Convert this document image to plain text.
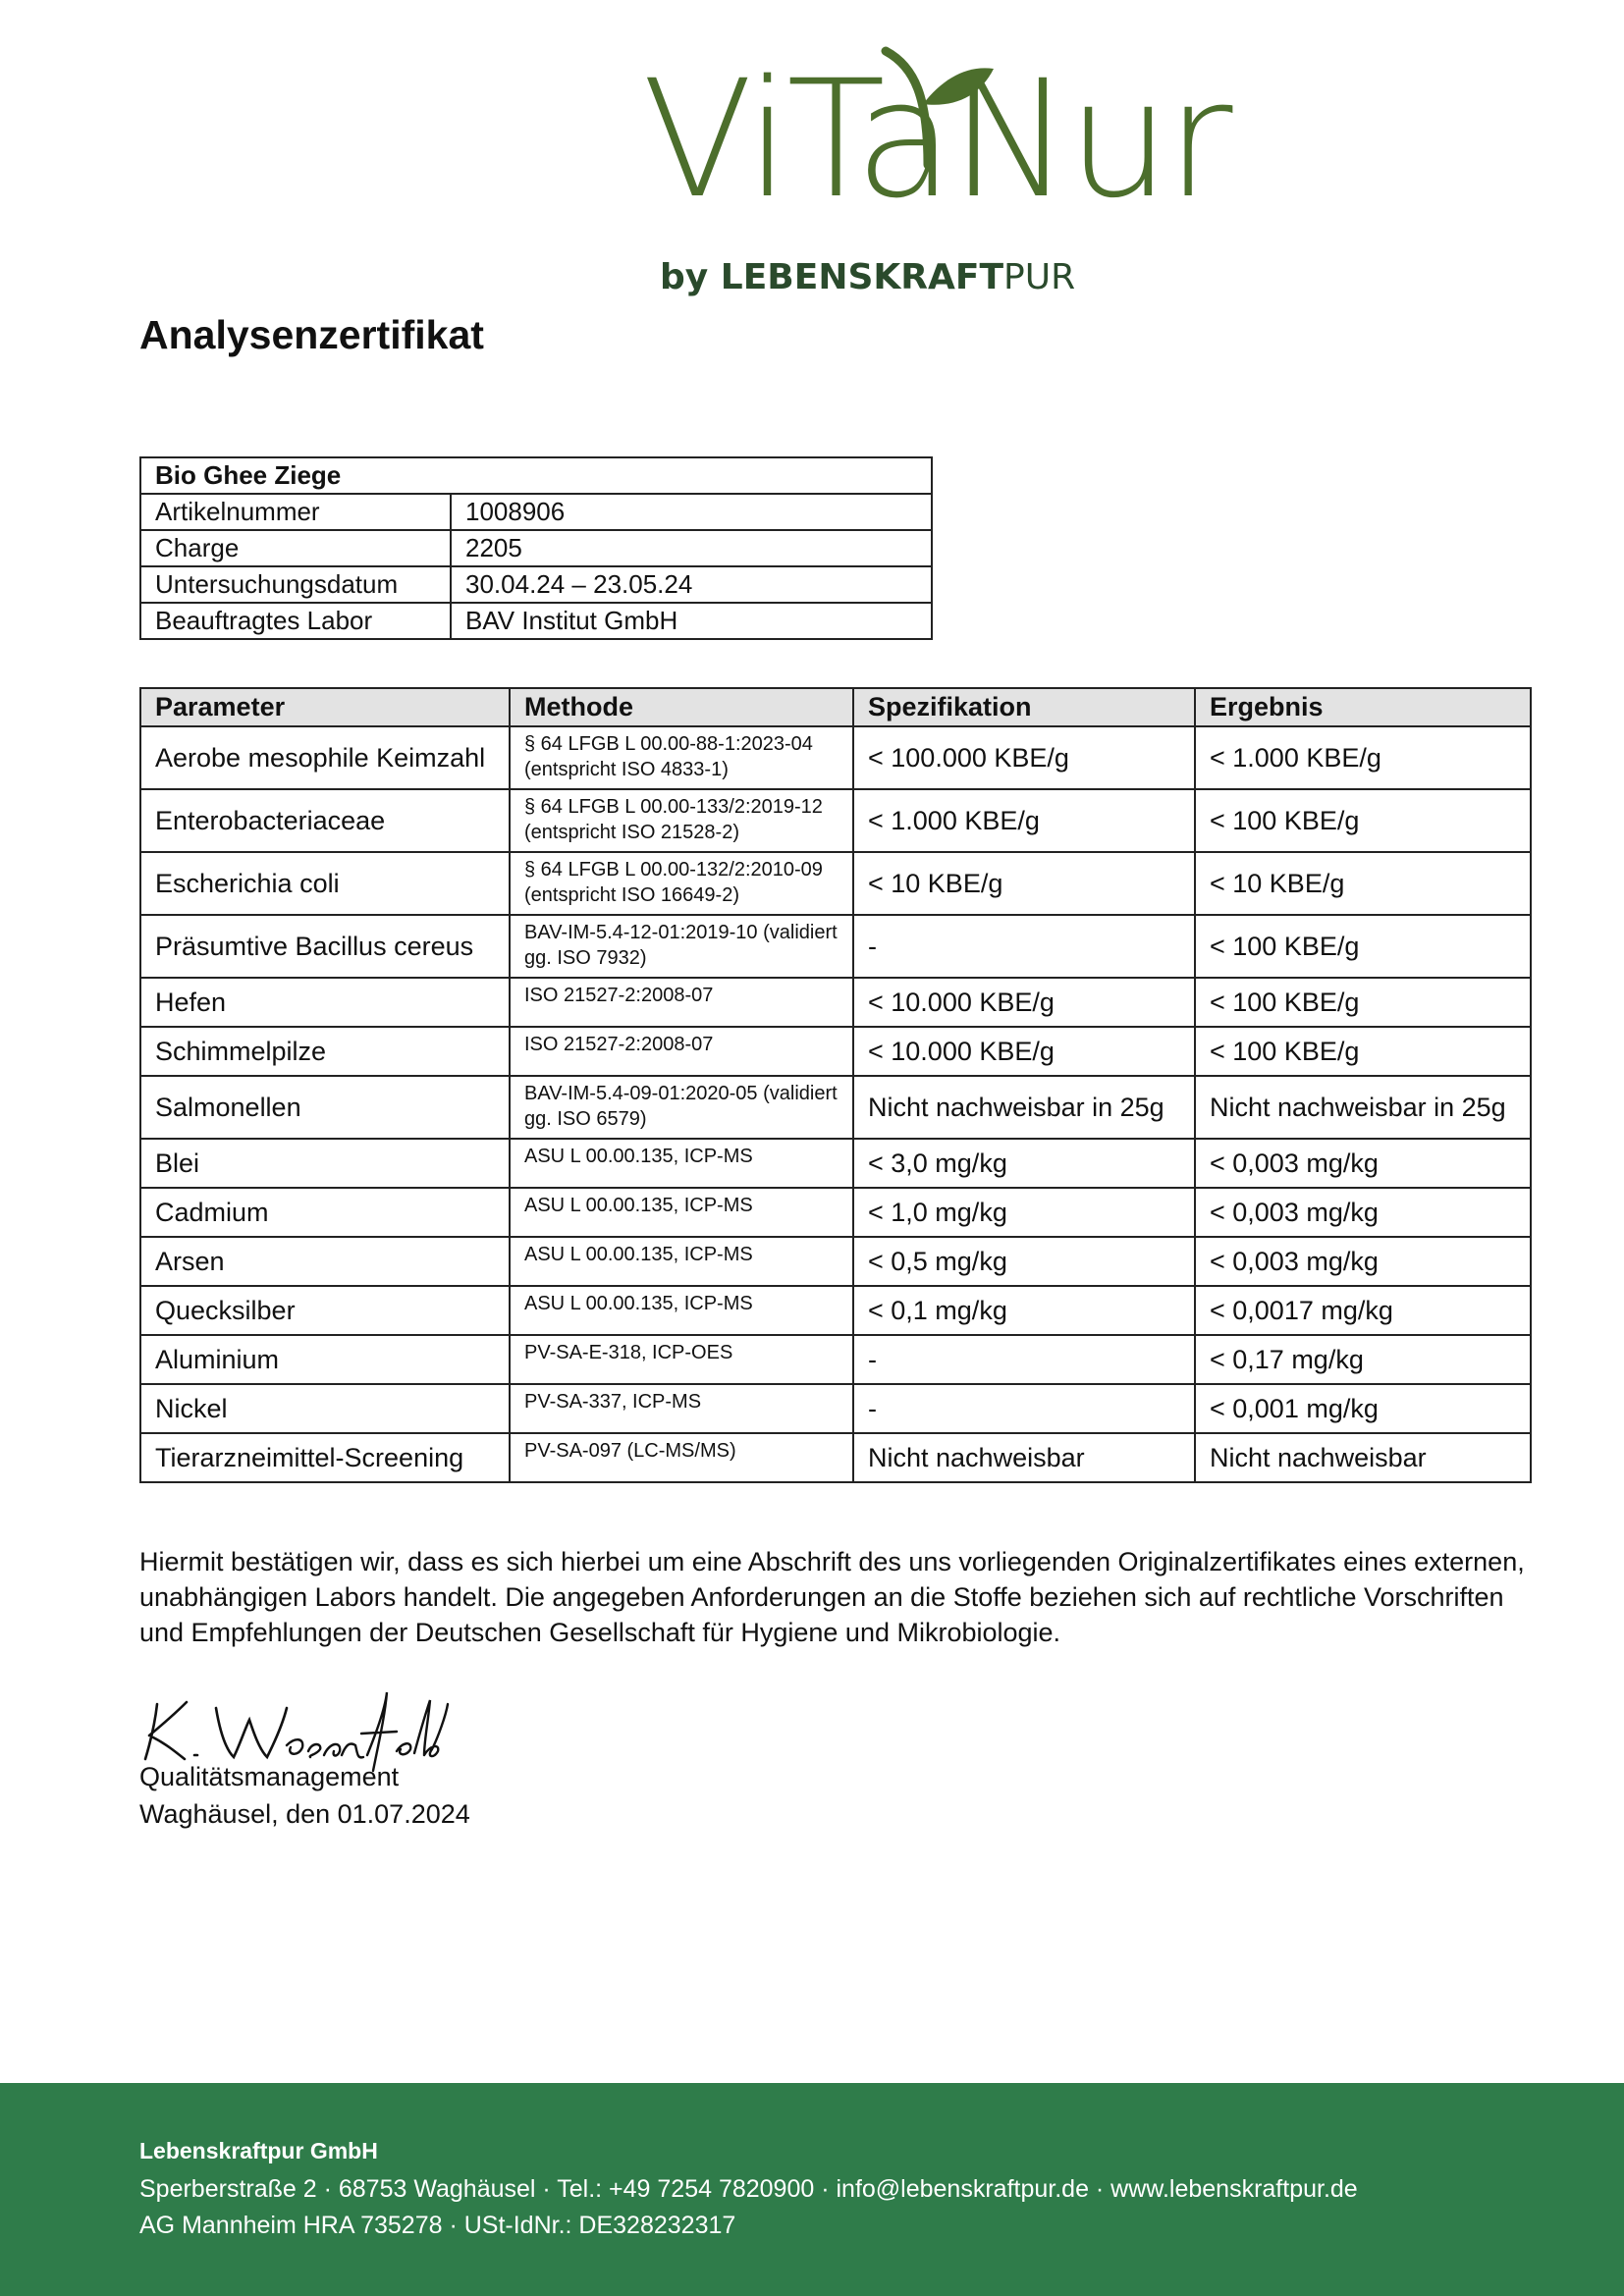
ViTaNur

by LEBENSKRAFTPUR

Analysenzertifikat
Bio Ghee Ziege	
Artikelnummer	1008906
Charge	2205
Untersuchungsdatum	30.04.24 – 23.05.24
Beauftragtes Labor	BAV Institut GmbH
Parameter	Methode	Spezifikation	Ergebnis
Aerobe mesophile Keimzahl	§ 64 LFGB L 00.00-88-1:2023-04 (entspricht ISO 4833-1)	< 100.000 KBE/g	< 1.000 KBE/g
Enterobacteriaceae	§ 64 LFGB L 00.00-133/2:2019-12 (entspricht ISO 21528-2)	< 1.000 KBE/g	< 100 KBE/g
Escherichia coli	§ 64 LFGB L 00.00-132/2:2010-09 (entspricht ISO 16649-2)	< 10 KBE/g	< 10 KBE/g
Präsumtive Bacillus cereus	BAV-IM-5.4-12-01:2019-10 (validiert gg. ISO 7932)	-	< 100 KBE/g
Hefen	ISO 21527-2:2008-07	< 10.000 KBE/g	< 100 KBE/g
Schimmelpilze	ISO 21527-2:2008-07	< 10.000 KBE/g	< 100 KBE/g
Salmonellen	BAV-IM-5.4-09-01:2020-05 (validiert gg. ISO 6579)	Nicht nachweisbar in 25g	Nicht nachweisbar in 25g
Blei	ASU L 00.00.135, ICP-MS	< 3,0 mg/kg	< 0,003 mg/kg
Cadmium	ASU L 00.00.135, ICP-MS	< 1,0 mg/kg	< 0,003 mg/kg
Arsen	ASU L 00.00.135, ICP-MS	< 0,5 mg/kg	< 0,003 mg/kg
Quecksilber	ASU L 00.00.135, ICP-MS	< 0,1 mg/kg	< 0,0017 mg/kg
Aluminium	PV-SA-E-318, ICP-OES	-	< 0,17 mg/kg
Nickel	PV-SA-337, ICP-MS	-	< 0,001 mg/kg
Tierarzneimittel-Screening	PV-SA-097 (LC-MS/MS)	Nicht nachweisbar	Nicht nachweisbar

Hiermit bestätigen wir, dass es sich hierbei um eine Abschrift des uns vorliegenden Originalzertifikates eines externen, unabhängigen Labors handelt. Die angegeben Anforderungen an die Stoffe beziehen sich auf rechtliche Vorschriften und Empfehlungen der Deutschen Gesellschaft für Hygiene und Mikrobiologie.

Qualitätsmanagement

Waghäusel, den 01.07.2024

Lebenskraftpur GmbH

Sperberstraße 2 · 68753 Waghäusel · Tel.: +49 7254 7820900 · info@lebenskraftpur.de · www.lebenskraftpur.de

AG Mannheim HRA 735278 · USt-IdNr.: DE328232317
